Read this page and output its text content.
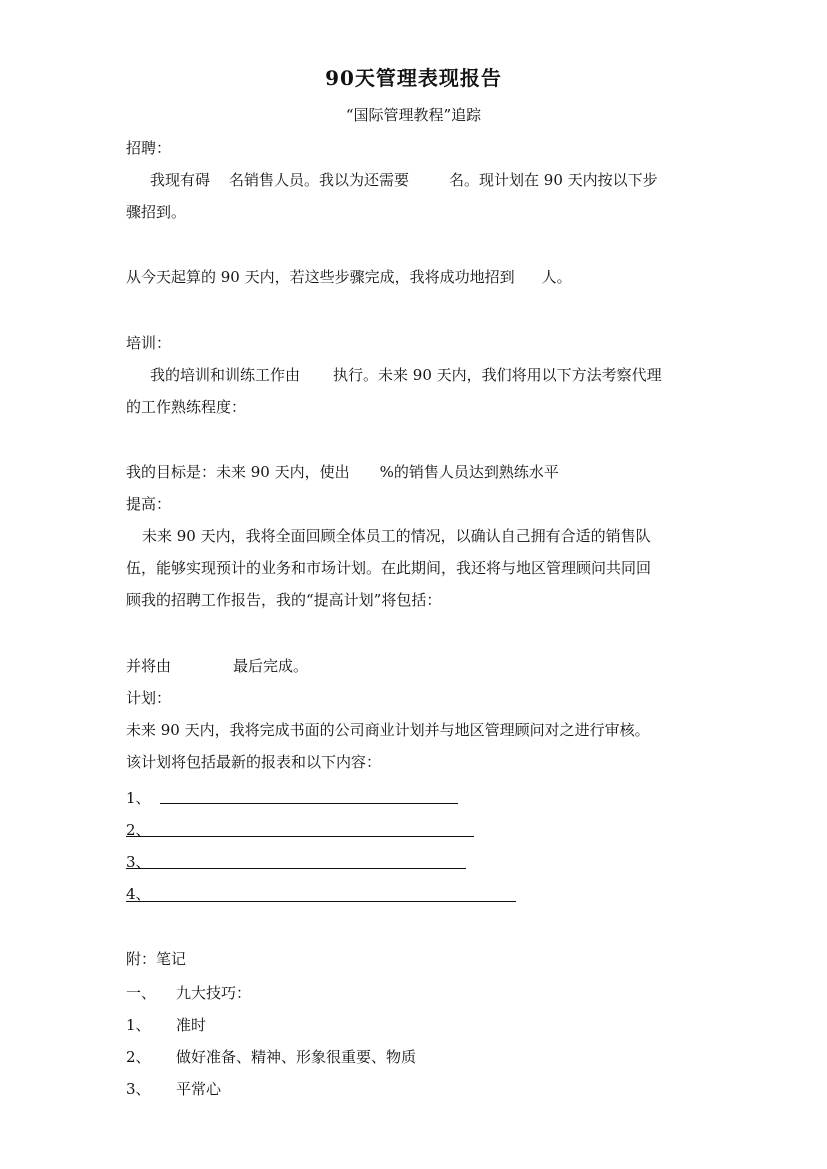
90天管理表现报告
“国际管理教程”追踪
招聘：
我现有碍 名销售人员。我以为还需要	名。现计划在 90 天内按以下步
骤招到。
从今天起算的 90 天内，若这些步骤完成，我将成功地招到 人。
培训：
我的培训和训练工作由 执行。未来 90 天内，我们将用以下方法考察代理
的工作熟练程度：
我的目标是：未来 90 天内，使出 %的销售人员达到熟练水平
提高：
未来 90 天内，我将全面回顾全体员工的情况，以确认自己拥有合适的销售队
伍，能够实现预计的业务和市场计划。在此期间，我还将与地区管理顾问共同回
顾我的招聘工作报告，我的“提高计划”将包括：
并将由	最后完成。
计划：
未来 90 天内，我将完成书面的公司商业计划并与地区管理顾问对之进行审核。
该计划将包括最新的报表和以下内容：
1、
2、
3、
4、
附：笔记
一、 九大技巧：
1、 准时
2、 做好准备、精神、形象很重要、物质
3、 平常心
